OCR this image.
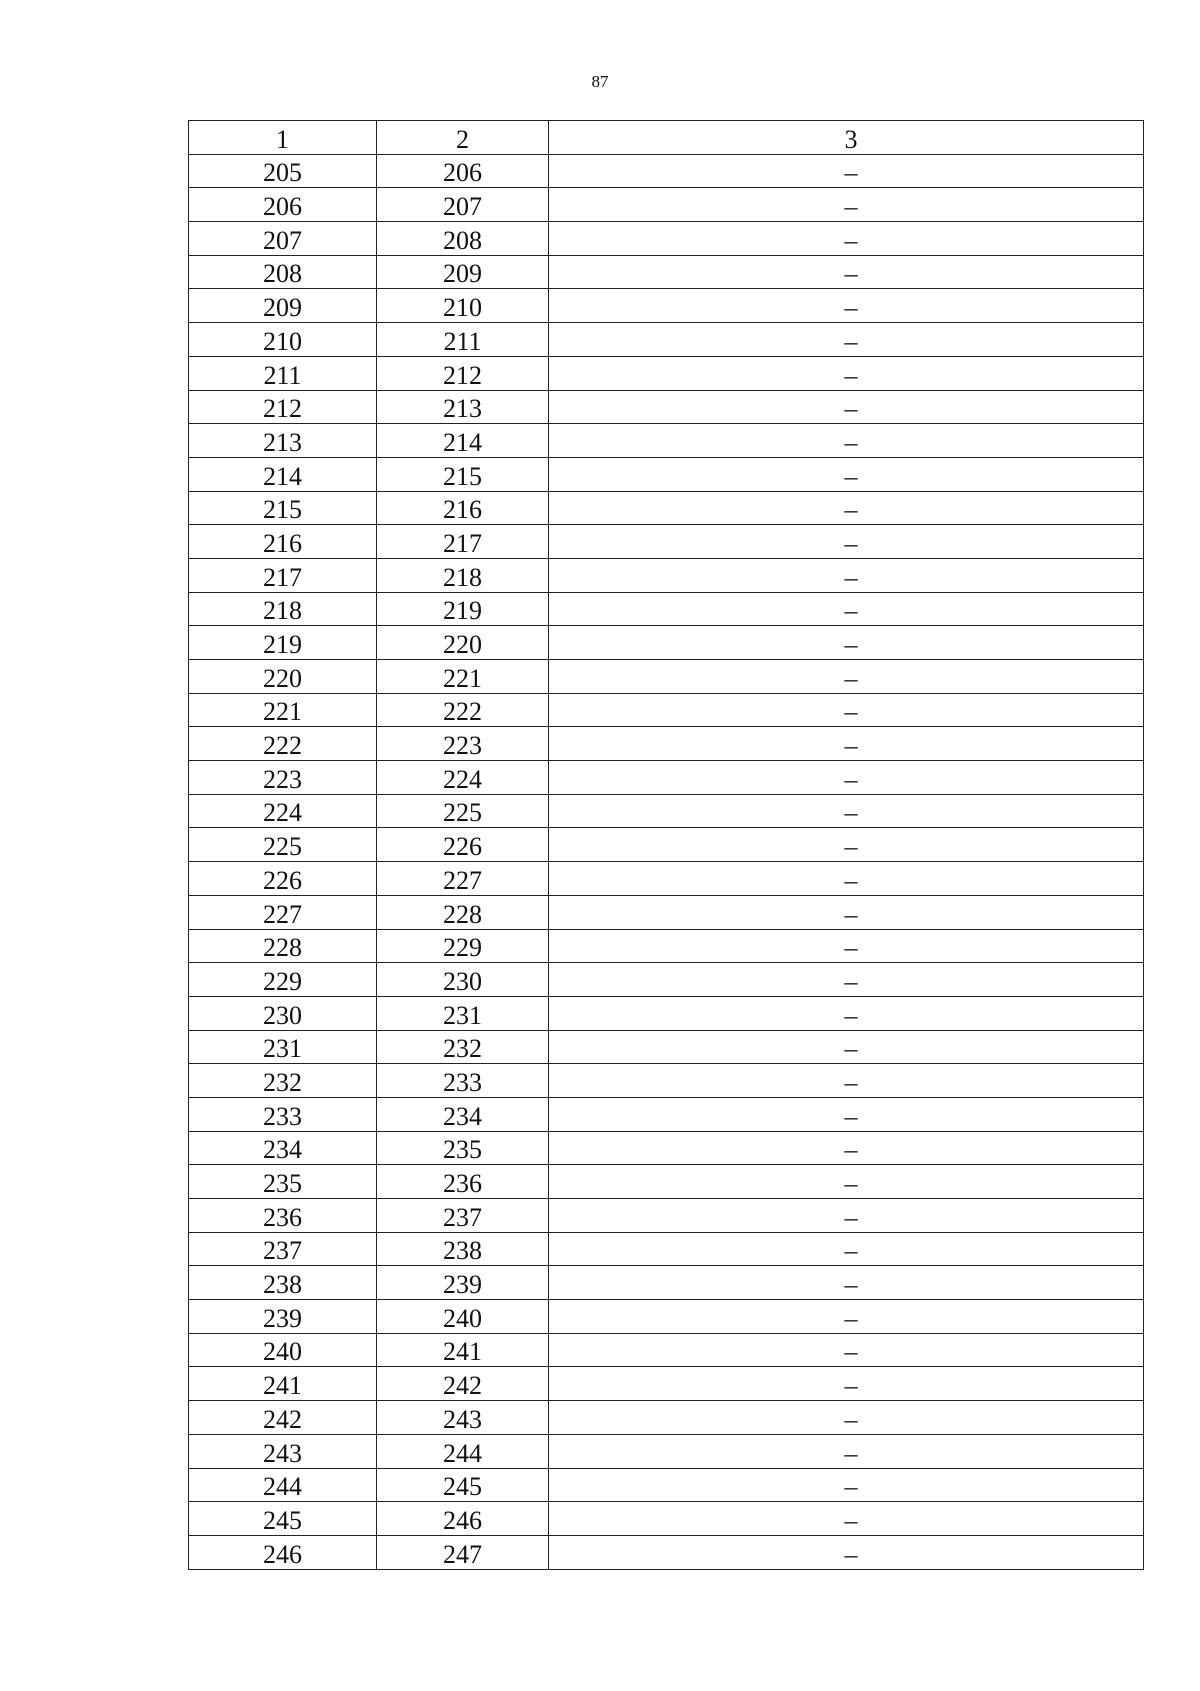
87
1	2	3
205	206	–
206	207	–
207	208	–
208	209	–
209	210	–
210	211	–
211	212	–
212	213	–
213	214	–
214	215	–
215	216	–
216	217	–
217	218	–
218	219	–
219	220	–
220	221	–
221	222	–
222	223	–
223	224	–
224	225	–
225	226	–
226	227	–
227	228	–
228	229	–
229	230	–
230	231	–
231	232	–
232	233	–
233	234	–
234	235	–
235	236	–
236	237	–
237	238	–
238	239	–
239	240	–
240	241	–
241	242	–
242	243	–
243	244	–
244	245	–
245	246	–
246	247	–
